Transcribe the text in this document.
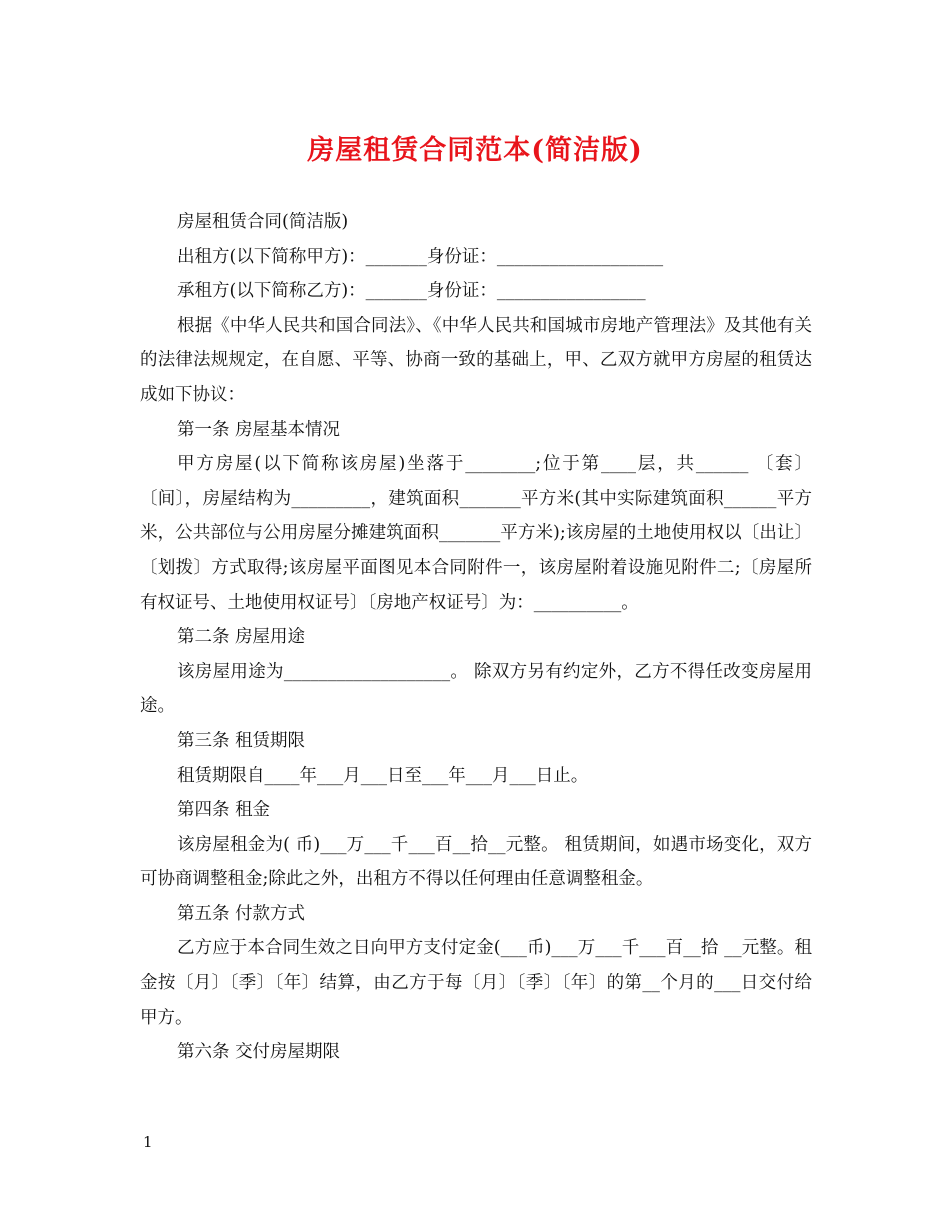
房屋租赁合同范本(简洁版)

房屋租赁合同(简洁版)

出租方(以下简称甲方)：_______身份证：___________________

承租方(以下简称乙方)：_______身份证：_________________

根据《中华人民共和国合同法》、《中华人民共和国城市房地产管理法》及其他有关的法律法规规定，在自愿、平等、协商一致的基础上，甲、乙双方就甲方房屋的租赁达成如下协议：

第一条 房屋基本情况

甲方房屋(以下简称该房屋)坐落于________;位于第____层，共______ 〔套〕〔间〕，房屋结构为_________，建筑面积_______平方米(其中实际建筑面积______平方米，公共部位与公用房屋分摊建筑面积_______平方米);该房屋的土地使用权以〔出让〕〔划拨〕方式取得;该房屋平面图见本合同附件一，该房屋附着设施见附件二;〔房屋所有权证号、土地使用权证号〕〔房地产权证号〕为：__________。

第二条 房屋用途

该房屋用途为___________________。 除双方另有约定外，乙方不得任改变房屋用途。

第三条 租赁期限

租赁期限自____年___月___日至___年___月___日止。

第四条 租金

该房屋租金为( 币)___万___千___百__拾__元整。 租赁期间，如遇市场变化，双方可协商调整租金;除此之外，出租方不得以任何理由任意调整租金。

第五条 付款方式

乙方应于本合同生效之日向甲方支付定金(___币)___万___千___百__拾 __元整。租金按〔月〕〔季〕〔年〕结算，由乙方于每〔月〕〔季〕〔年〕的第__个月的___日交付给甲方。

第六条 交付房屋期限

1
